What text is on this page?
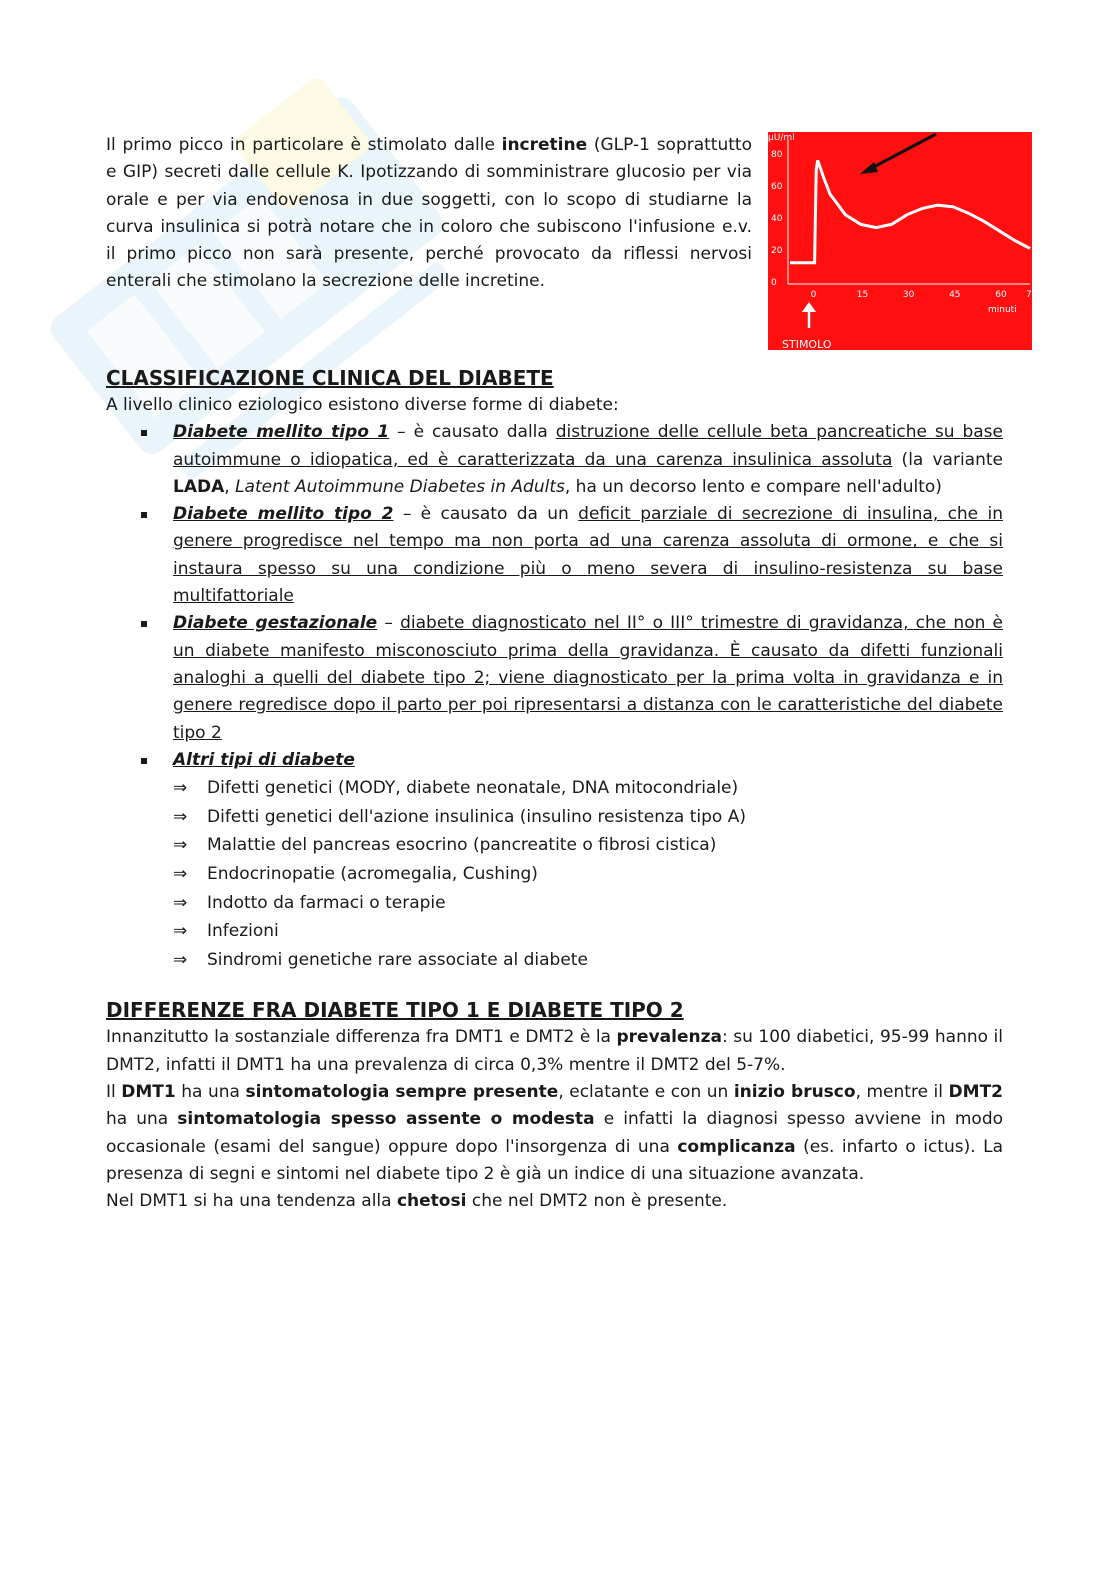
Il primo picco in particolare è stimolato dalle incretine (GLP-1 soprattutto e GIP) secreti dalle cellule K. Ipotizzando di somministrare glucosio per via orale e per via endovenosa in due soggetti, con lo scopo di studiarne la curva insulinica si potrà notare che in coloro che subiscono l'infusione e.v. il primo picco non sarà presente, perché provocato da riflessi nervosi enterali che stimolano la secrezione delle incretine.

µU/ml
80
60
40
20
0
0	15	30	45	60 7
minuti
STIMOLO
CLASSIFICAZIONE CLINICA DEL DIABETE

A livello clinico eziologico esistono diverse forme di diabete:

Diabete mellito tipo 1 – è causato dalla distruzione delle cellule beta pancreatiche su base autoimmune o idiopatica, ed è caratterizzata da una carenza insulinica assoluta (la variante LADA, Latent Autoimmune Diabetes in Adults, ha un decorso lento e compare nell'adulto)
Diabete mellito tipo 2 – è causato da un deficit parziale di secrezione di insulina, che in genere progredisce nel tempo ma non porta ad una carenza assoluta di ormone, e che si instaura spesso su una condizione più o meno severa di insulino-resistenza su base multifattoriale
Diabete gestazionale – diabete diagnosticato nel II° o III° trimestre di gravidanza, che non è un diabete manifesto misconosciuto prima della gravidanza. È causato da difetti funzionali analoghi a quelli del diabete tipo 2; viene diagnosticato per la prima volta in gravidanza e in genere regredisce dopo il parto per poi ripresentarsi a distanza con le caratteristiche del diabete tipo 2
Altri tipi di diabete
⇒ Difetti genetici (MODY, diabete neonatale, DNA mitocondriale)
⇒ Difetti genetici dell'azione insulinica (insulino resistenza tipo A)
⇒ Malattie del pancreas esocrino (pancreatite o fibrosi cistica)
⇒ Endocrinopatie (acromegalia, Cushing)
⇒ Indotto da farmaci o terapie
⇒ Infezioni
⇒ Sindromi genetiche rare associate al diabete
DIFFERENZE FRA DIABETE TIPO 1 E DIABETE TIPO 2

Innanzitutto la sostanziale differenza fra DMT1 e DMT2 è la prevalenza: su 100 diabetici, 95-99 hanno il DMT2, infatti il DMT1 ha una prevalenza di circa 0,3% mentre il DMT2 del 5-7%.

Il DMT1 ha una sintomatologia sempre presente, eclatante e con un inizio brusco, mentre il DMT2 ha una sintomatologia spesso assente o modesta e infatti la diagnosi spesso avviene in modo occasionale (esami del sangue) oppure dopo l'insorgenza di una complicanza (es. infarto o ictus). La presenza di segni e sintomi nel diabete tipo 2 è già un indice di una situazione avanzata.

Nel DMT1 si ha una tendenza alla chetosi che nel DMT2 non è presente.
